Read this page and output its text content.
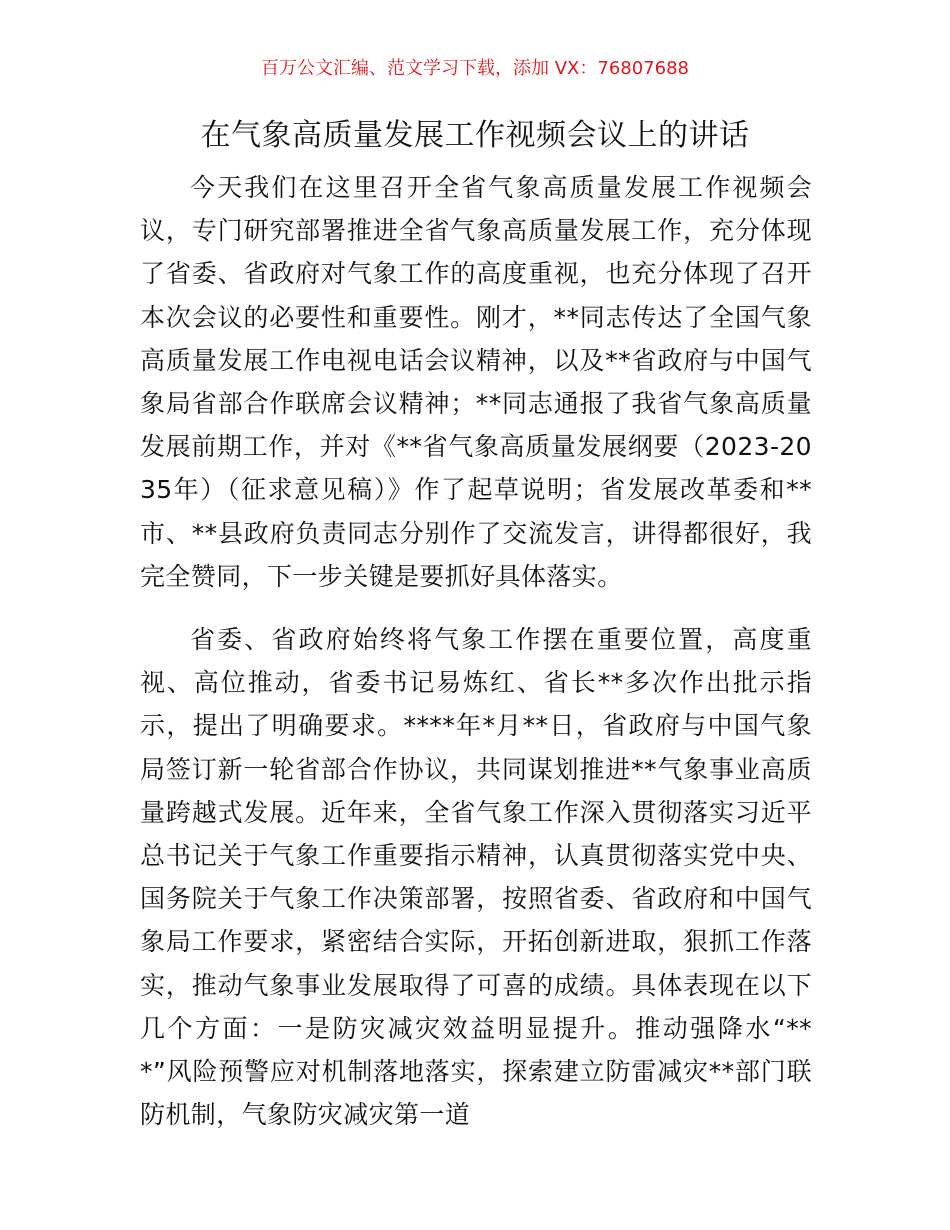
百万公文汇编、范文学习下载，添加 VX：76807688
在气象高质量发展工作视频会议上的讲话

今天我们在这里召开全省气象高质量发展工作视频会议，专门研究部署推进全省气象高质量发展工作，充分体现了省委、省政府对气象工作的高度重视，也充分体现了召开本次会议的必要性和重要性。刚才，**同志传达了全国气象高质量发展工作电视电话会议精神，以及**省政府与中国气象局省部合作联席会议精神；**同志通报了我省气象高质量发展前期工作，并对《**省气象高质量发展纲要（2023-2035年）（征求意见稿）》作了起草说明；省发展改革委和**市、**县政府负责同志分别作了交流发言，讲得都很好，我完全赞同，下一步关键是要抓好具体落实。

省委、省政府始终将气象工作摆在重要位置，高度重视、高位推动，省委书记易炼红、省长**多次作出批示指示，提出了明确要求。****年*月**日，省政府与中国气象局签订新一轮省部合作协议，共同谋划推进**气象事业高质量跨越式发展。近年来，全省气象工作深入贯彻落实习近平总书记关于气象工作重要指示精神，认真贯彻落实党中央、国务院关于气象工作决策部署，按照省委、省政府和中国气象局工作要求，紧密结合实际，开拓创新进取，狠抓工作落实，推动气象事业发展取得了可喜的成绩。具体表现在以下几个方面：一是防灾减灾效益明显提升。推动强降水“***”风险预警应对机制落地落实，探索建立防雷减灾**部门联防机制，气象防灾减灾第一道
